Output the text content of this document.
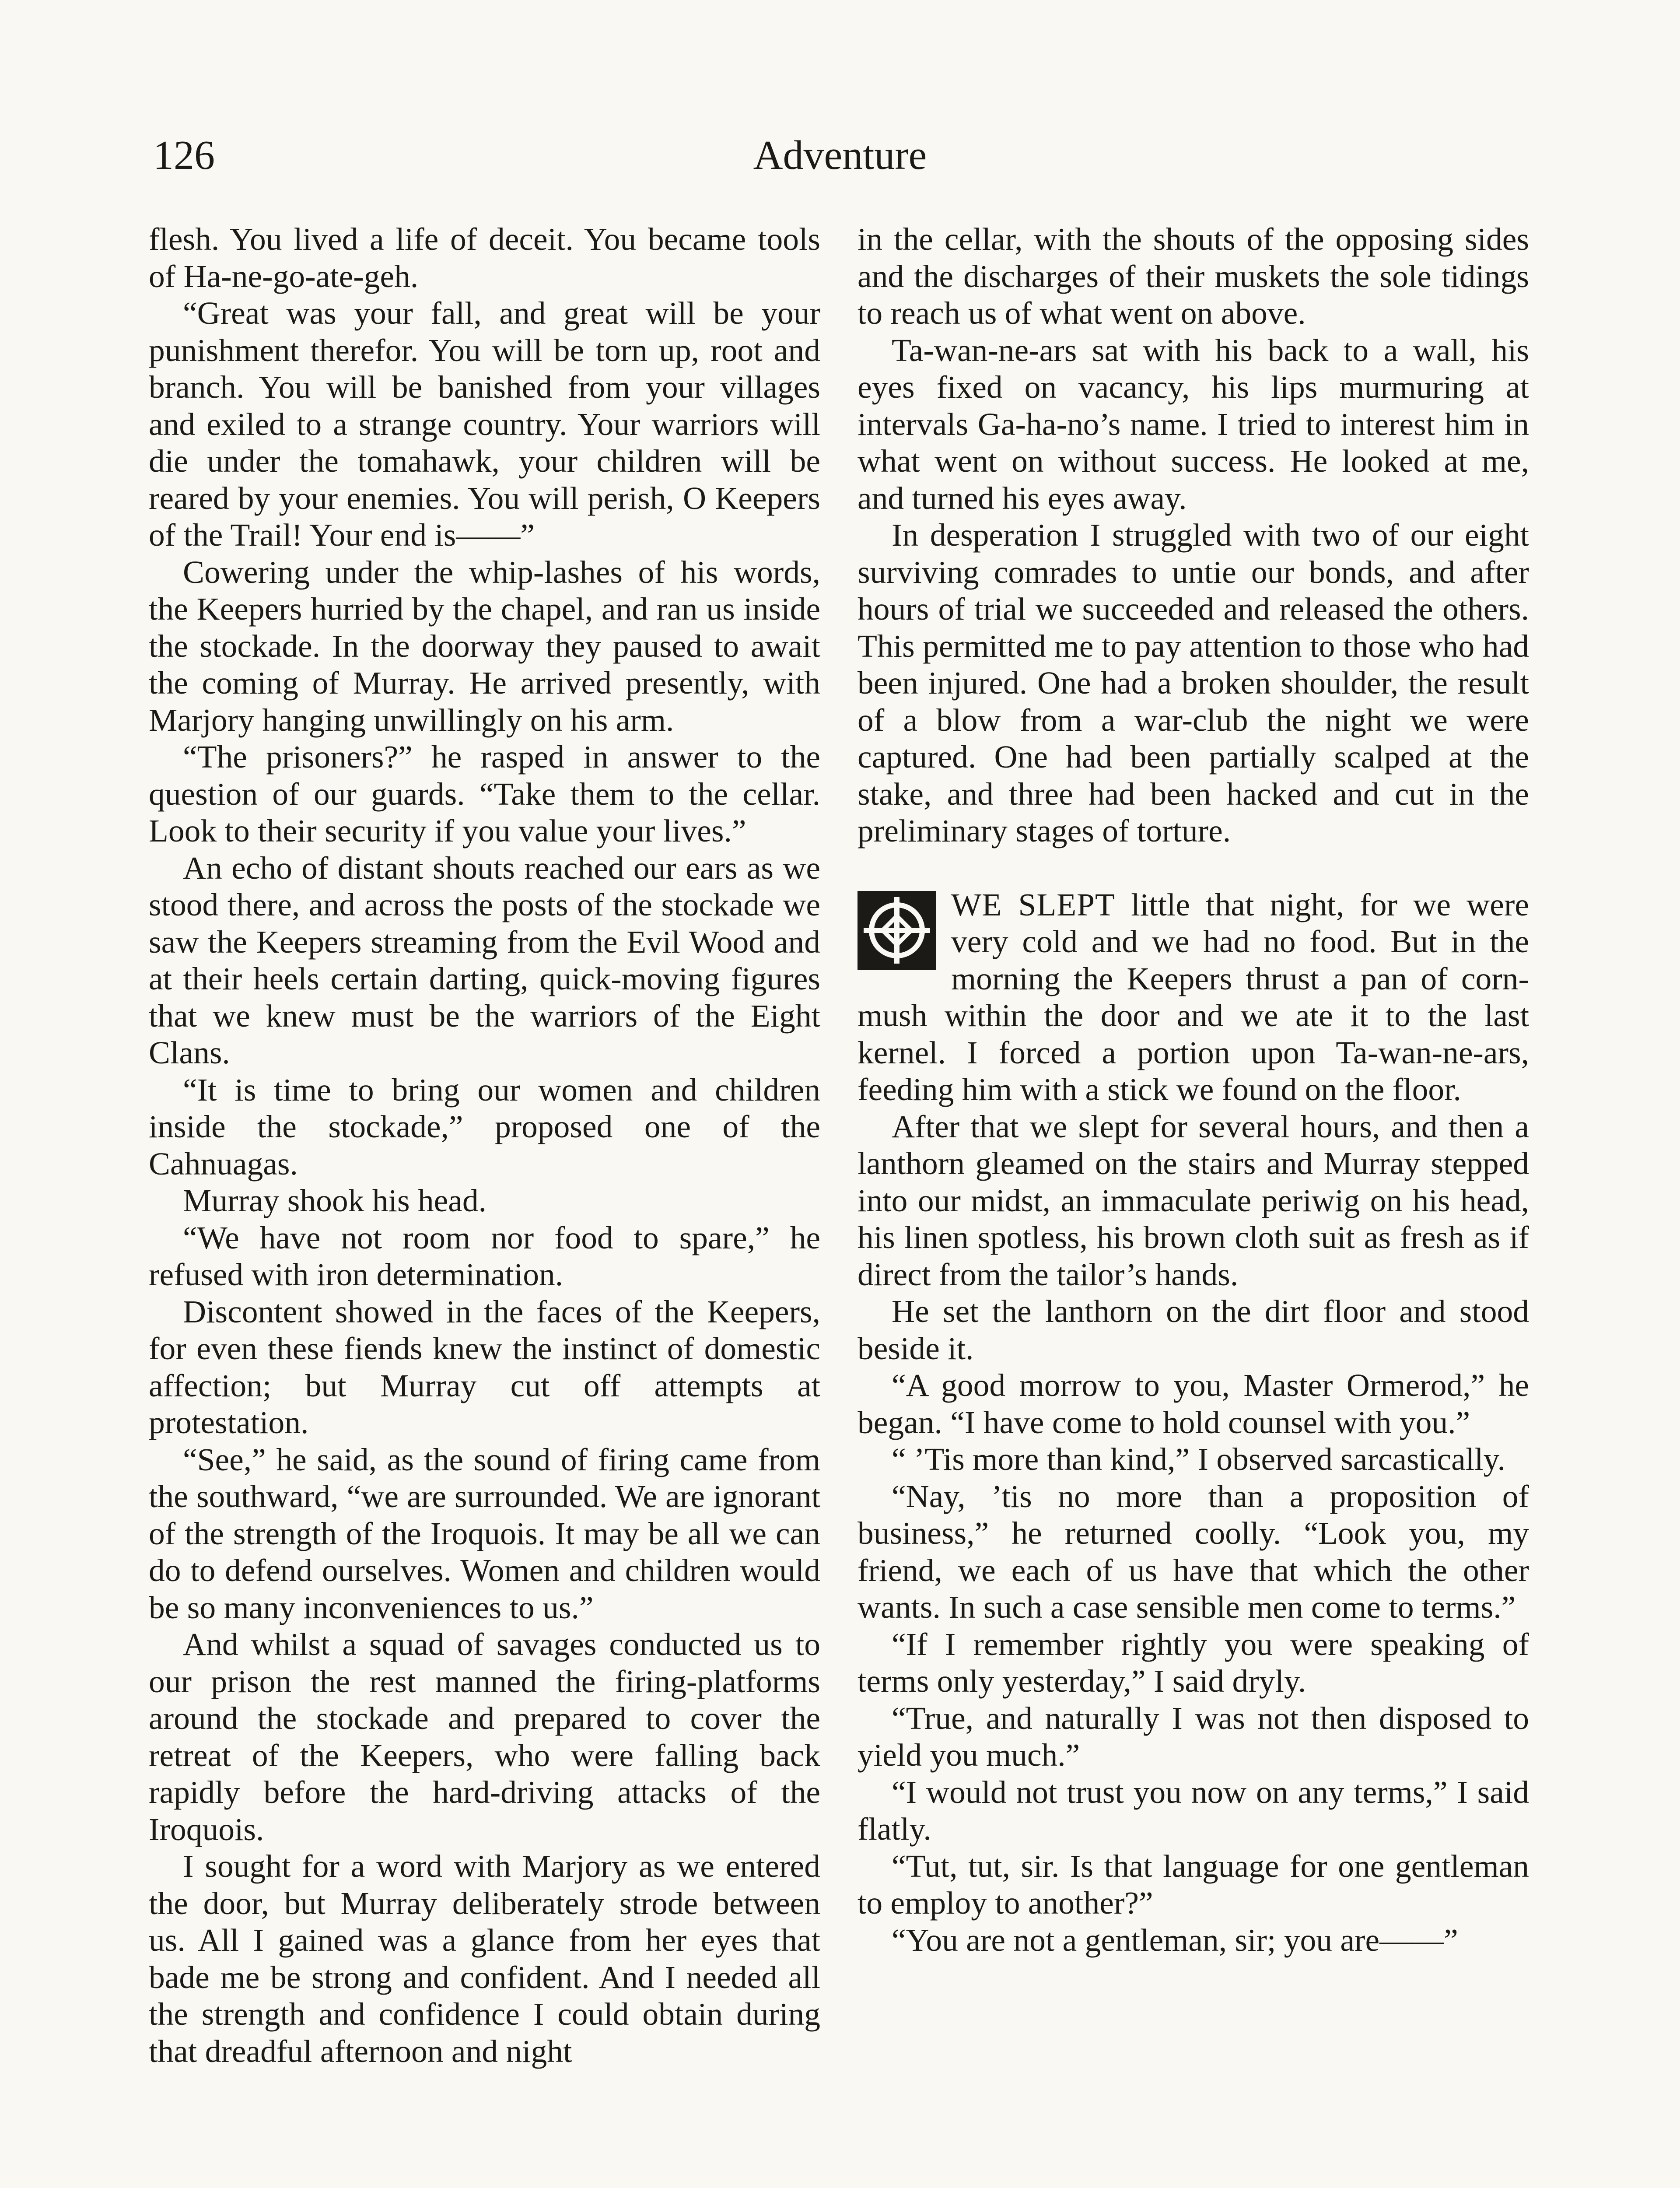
126	Adventure

flesh. You lived a life of deceit. You became tools of Ha-ne-go-ate-geh.

“Great was your fall, and great will be your punishment therefor. You will be torn up, root and branch. You will be banished from your villages and exiled to a strange country. Your warriors will die under the tomahawk, your children will be reared by your enemies. You will perish, O Keepers of the Trail! Your end is——”

Cowering under the whip-lashes of his words, the Keepers hurried by the chapel, and ran us inside the stockade. In the doorway they paused to await the coming of Murray. He arrived presently, with Marjory hanging unwillingly on his arm.

“The prisoners?” he rasped in answer to the question of our guards. “Take them to the cellar. Look to their security if you value your lives.”

An echo of distant shouts reached our ears as we stood there, and across the posts of the stockade we saw the Keepers streaming from the Evil Wood and at their heels certain darting, quick-moving figures that we knew must be the warriors of the Eight Clans.

“It is time to bring our women and children inside the stockade,” proposed one of the Cahnuagas.

Murray shook his head.

“We have not room nor food to spare,” he refused with iron determination.

Discontent showed in the faces of the Keepers, for even these fiends knew the instinct of domestic affection; but Murray cut off attempts at protestation.

“See,” he said, as the sound of firing came from the southward, “we are surrounded. We are ignorant of the strength of the Iroquois. It may be all we can do to defend ourselves. Women and children would be so many inconveniences to us.”

And whilst a squad of savages conducted us to our prison the rest manned the firing-platforms around the stockade and prepared to cover the retreat of the Keepers, who were falling back rapidly before the hard-driving attacks of the Iroquois.

I sought for a word with Marjory as we entered the door, but Murray deliberately strode between us. All I gained was a glance from her eyes that bade me be strong and confident. And I needed all the strength and confidence I could obtain during that dreadful afternoon and night

in the cellar, with the shouts of the opposing sides and the discharges of their muskets the sole tidings to reach us of what went on above.

Ta-wan-ne-ars sat with his back to a wall, his eyes fixed on vacancy, his lips murmuring at intervals Ga-ha-no’s name. I tried to interest him in what went on without success. He looked at me, and turned his eyes away.

In desperation I struggled with two of our eight surviving comrades to untie our bonds, and after hours of trial we succeeded and released the others. This permitted me to pay attention to those who had been injured. One had a broken shoulder, the result of a blow from a war-club the night we were captured. One had been partially scalped at the stake, and three had been hacked and cut in the preliminary stages of torture.

WE SLEPT little that night, for we were very cold and we had no food. But in the morning the Keepers thrust a pan of corn-mush within the door and we ate it to the last kernel. I forced a portion upon Ta-wan-ne-ars, feeding him with a stick we found on the floor.

After that we slept for several hours, and then a lanthorn gleamed on the stairs and Murray stepped into our midst, an immaculate periwig on his head, his linen spotless, his brown cloth suit as fresh as if direct from the tailor’s hands.

He set the lanthorn on the dirt floor and stood beside it.

“A good morrow to you, Master Ormerod,” he began. “I have come to hold counsel with you.”

“ ’Tis more than kind,” I observed sarcastically.

“Nay, ’tis no more than a proposition of business,” he returned coolly. “Look you, my friend, we each of us have that which the other wants. In such a case sensible men come to terms.”

“If I remember rightly you were speaking of terms only yesterday,” I said dryly.

“True, and naturally I was not then disposed to yield you much.”

“I would not trust you now on any terms,” I said flatly.

“Tut, tut, sir. Is that language for one gentleman to employ to another?”

“You are not a gentleman, sir; you are——”
